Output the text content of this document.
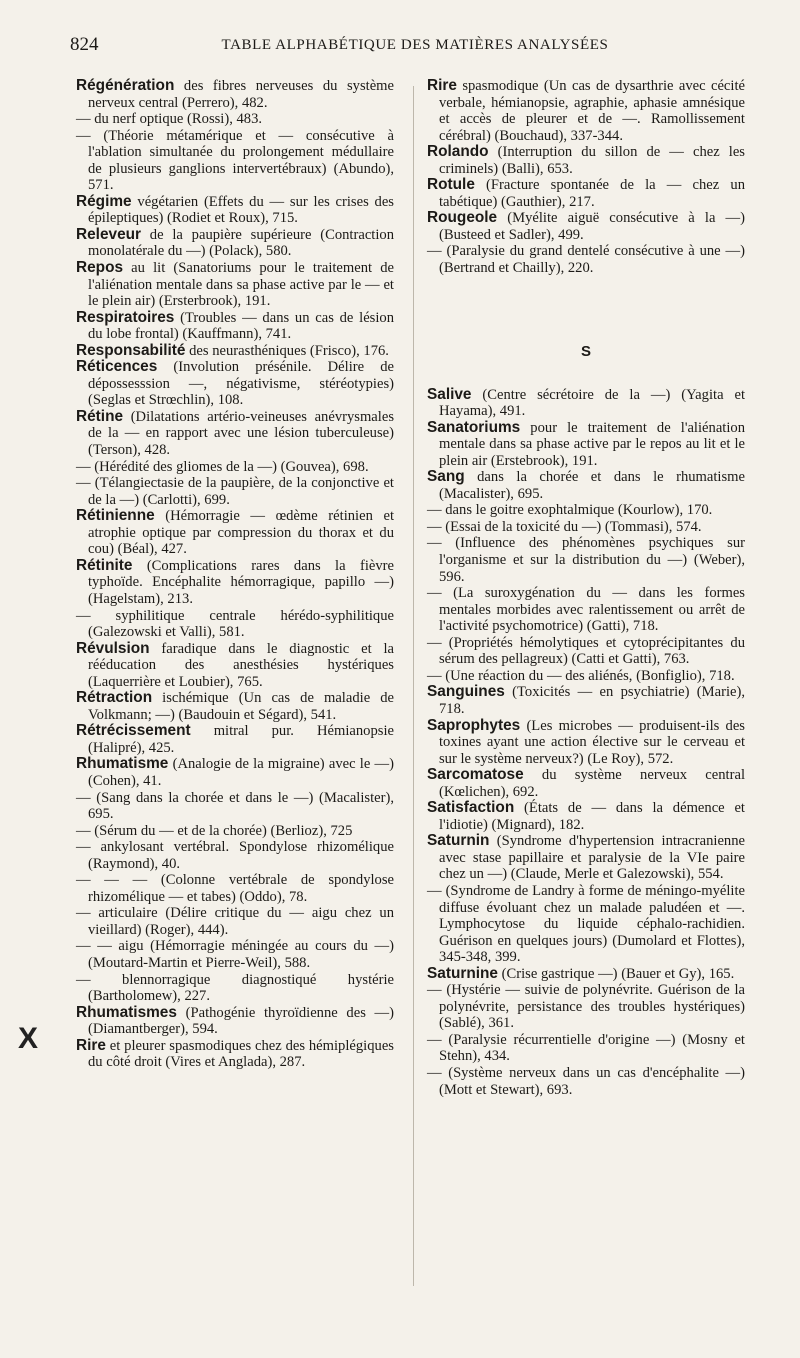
824	TABLE ALPHABÉTIQUE DES MATIÈRES ANALYSÉES
X

Régénération des fibres nerveuses du système nerveux central (Perrero), 482.

— du nerf optique (Rossi), 483.

— (Théorie métamérique et — consécutive à l'ablation simultanée du prolongement médullaire de plusieurs ganglions intervertébraux) (Abundo), 571.

Régime végétarien (Effets du — sur les crises des épileptiques) (Rodiet et Roux), 715.

Releveur de la paupière supérieure (Contraction monolatérale du —) (Polack), 580.

Repos au lit (Sanatoriums pour le traitement de l'aliénation mentale dans sa phase active par le — et le plein air) (Ersterbrook), 191.

Respiratoires (Troubles — dans un cas de lésion du lobe frontal) (Kauffmann), 741.

Responsabilité des neurasthéniques (Frisco), 176.

Réticences (Involution présénile. Délire de dépossesssion —, négativisme, stéréotypies) (Seglas et Strœchlin), 108.

Rétine (Dilatations artério-veineuses anévrysmales de la — en rapport avec une lésion tuberculeuse) (Terson), 428.

— (Hérédité des gliomes de la —) (Gouvea), 698.

— (Télangiectasie de la paupière, de la conjonctive et de la —) (Carlotti), 699.

Rétinienne (Hémorragie — œdème rétinien et atrophie optique par compression du thorax et du cou) (Béal), 427.

Rétinite (Complications rares dans la fièvre typhoïde. Encéphalite hémorragique, papillo —) (Hagelstam), 213.

— syphilitique centrale hérédo-syphilitique (Galezowski et Valli), 581.

Révulsion faradique dans le diagnostic et la rééducation des anesthésies hystériques (Laquerrière et Loubier), 765.

Rétraction ischémique (Un cas de maladie de Volkmann; —) (Baudouin et Ségard), 541.

Rétrécissement mitral pur. Hémianopsie (Halipré), 425.

Rhumatisme (Analogie de la migraine) avec le —) (Cohen), 41.

— (Sang dans la chorée et dans le —) (Macalister), 695.

— (Sérum du — et de la chorée) (Berlioz), 725

— ankylosant vertébral. Spondylose rhizomélique (Raymond), 40.

— — — (Colonne vertébrale de spondylose rhizomélique — et tabes) (Oddo), 78.

— articulaire (Délire critique du — aigu chez un vieillard) (Roger), 444).

— — aigu (Hémorragie méningée au cours du —) (Moutard-Martin et Pierre-Weil), 588.

— blennorragique diagnostiqué hystérie (Bartholomew), 227.

Rhumatismes (Pathogénie thyroïdienne des —) (Diamantberger), 594.

Rire et pleurer spasmodiques chez des hémiplégiques du côté droit (Vires et Anglada), 287.

Rire spasmodique (Un cas de dysarthrie avec cécité verbale, hémianopsie, agraphie, aphasie amnésique et accès de pleurer et de —. Ramollissement cérébral) (Bouchaud), 337-344.

Rolando (Interruption du sillon de — chez les criminels) (Balli), 653.

Rotule (Fracture spontanée de la — chez un tabétique) (Gauthier), 217.

Rougeole (Myélite aiguë consécutive à la —) (Busteed et Sadler), 499.

— (Paralysie du grand dentelé consécutive à une —) (Bertrand et Chailly), 220.

S

Salive (Centre sécrétoire de la —) (Yagita et Hayama), 491.

Sanatoriums pour le traitement de l'aliénation mentale dans sa phase active par le repos au lit et le plein air (Erstebrook), 191.

Sang dans la chorée et dans le rhumatisme (Macalister), 695.

— dans le goitre exophtalmique (Kourlow), 170.

— (Essai de la toxicité du —) (Tommasi), 574.

— (Influence des phénomènes psychiques sur l'organisme et sur la distribution du —) (Weber), 596.

— (La suroxygénation du — dans les formes mentales morbides avec ralentissement ou arrêt de l'activité psychomotrice) (Gatti), 718.

— (Propriétés hémolytiques et cytoprécipitantes du sérum des pellagreux) (Catti et Gatti), 763.

— (Une réaction du — des aliénés, (Bonfiglio), 718.

Sanguines (Toxicités — en psychiatrie) (Marie), 718.

Saprophytes (Les microbes — produisent-ils des toxines ayant une action élective sur le cerveau et sur le système nerveux?) (Le Roy), 572.

Sarcomatose du système nerveux central (Kœlichen), 692.

Satisfaction (États de — dans la démence et l'idiotie) (Mignard), 182.

Saturnin (Syndrome d'hypertension intracranienne avec stase papillaire et paralysie de la VIe paire chez un —) (Claude, Merle et Galezowski), 554.

— (Syndrome de Landry à forme de méningo-myélite diffuse évoluant chez un malade paludéen et —. Lymphocytose du liquide céphalo-rachidien. Guérison en quelques jours) (Dumolard et Flottes), 345-348, 399.

Saturnine (Crise gastrique —) (Bauer et Gy), 165.

— (Hystérie — suivie de polynévrite. Guérison de la polynévrite, persistance des troubles hystériques) (Sablé), 361.

— (Paralysie récurrentielle d'origine —) (Mosny et Stehn), 434.

— (Système nerveux dans un cas d'encéphalite —) (Mott et Stewart), 693.
